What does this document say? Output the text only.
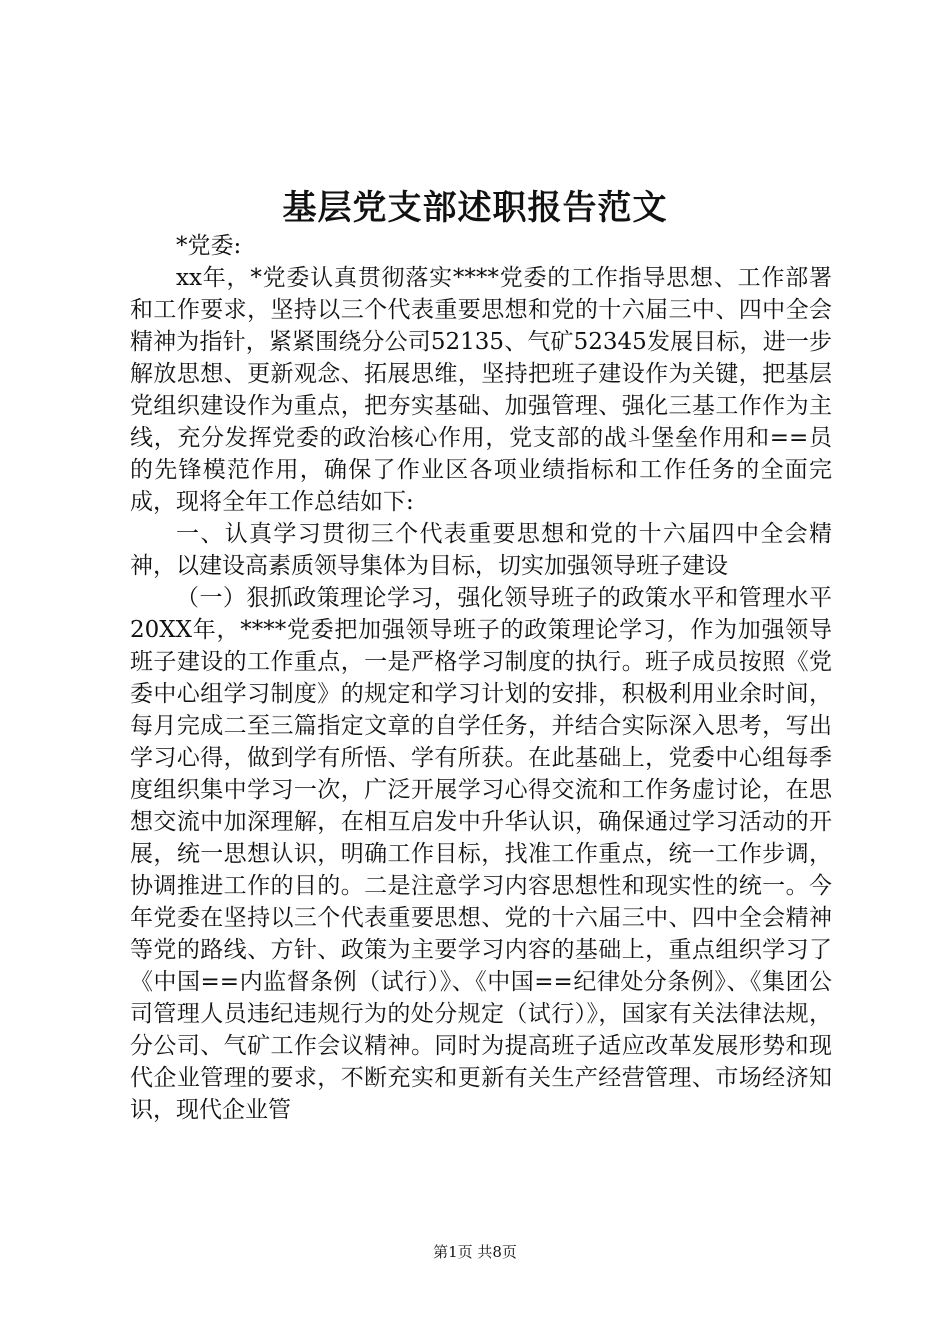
基层党支部述职报告范文

*党委:

xx年，*党委认真贯彻落实****党委的工作指导思想、工作部署和工作要求，坚持以三个代表重要思想和党的十六届三中、四中全会精神为指针，紧紧围绕分公司52135、气矿52345发展目标，进一步解放思想、更新观念、拓展思维，坚持把班子建设作为关键，把基层党组织建设作为重点，把夯实基础、加强管理、强化三基工作作为主线，充分发挥党委的政治核心作用，党支部的战斗堡垒作用和==员的先锋模范作用，确保了作业区各项业绩指标和工作任务的全面完成，现将全年工作总结如下:

一、认真学习贯彻三个代表重要思想和党的十六届四中全会精神，以建设高素质领导集体为目标，切实加强领导班子建设

（一）狠抓政策理论学习，强化领导班子的政策水平和管理水平20XX年，****党委把加强领导班子的政策理论学习，作为加强领导班子建设的工作重点，一是严格学习制度的执行。班子成员按照《党委中心组学习制度》的规定和学习计划的安排，积极利用业余时间，每月完成二至三篇指定文章的自学任务，并结合实际深入思考，写出学习心得，做到学有所悟、学有所获。在此基础上，党委中心组每季度组织集中学习一次，广泛开展学习心得交流和工作务虚讨论，在思想交流中加深理解，在相互启发中升华认识，确保通过学习活动的开展，统一思想认识，明确工作目标，找准工作重点，统一工作步调，协调推进工作的目的。二是注意学习内容思想性和现实性的统一。今年党委在坚持以三个代表重要思想、党的十六届三中、四中全会精神等党的路线、方针、政策为主要学习内容的基础上，重点组织学习了《中国==内监督条例（试行）》、《中国==纪律处分条例》、《集团公司管理人员违纪违规行为的处分规定（试行）》，国家有关法律法规，分公司、气矿工作会议精神。同时为提高班子适应改革发展形势和现代企业管理的要求，不断充实和更新有关生产经营管理、市场经济知识，现代企业管

第1页 共8页
